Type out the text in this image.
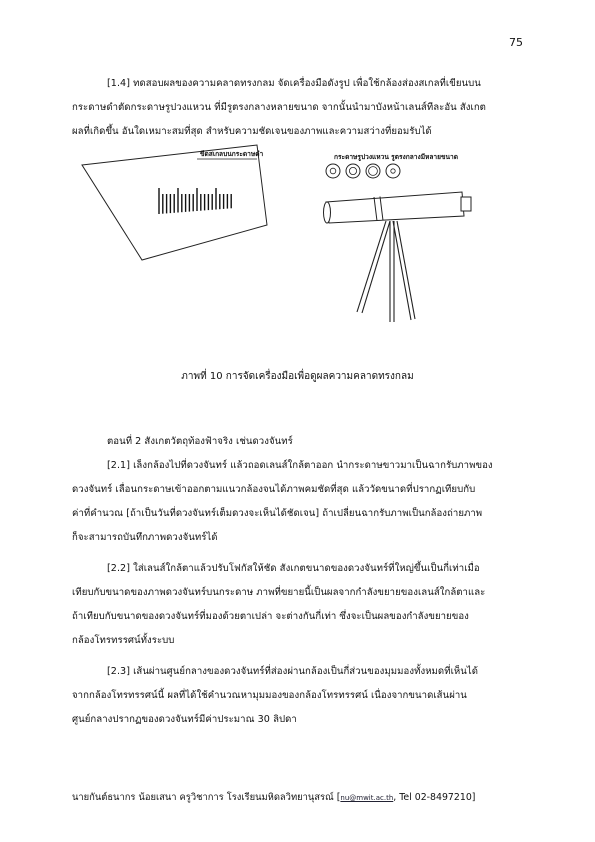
75
[1.4] ทดสอบผลของความคลาดทรงกลม จัดเครื่องมือดังรูป เพื่อใช้กล้องส่องสเกลที่เขียนบน
กระดาษดำตัดกระดาษรูปวงแหวน ที่มีรูตรงกลางหลายขนาด จากนั้นนำมาบังหน้าเลนส์ทีละอัน สังเกต
ผลที่เกิดขึ้น อันใดเหมาะสมที่สุด สำหรับความชัดเจนของภาพและความสว่างที่ยอมรับได้
ขีดสเกลบนกระดาษดำ	กระดาษรูปวงแหวน รูตรงกลางมีหลายขนาด
ภาพที่ 10 การจัดเครื่องมือเพื่อดูผลความคลาดทรงกลม
ตอนที่ 2 สังเกตวัตถุท้องฟ้าจริง เช่นดวงจันทร์
[2.1] เล็งกล้องไปที่ดวงจันทร์ แล้วถอดเลนส์ใกล้ตาออก นำกระดาษขาวมาเป็นฉากรับภาพของ
ดวงจันทร์ เลื่อนกระดาษเข้าออกตามแนวกล้องจนได้ภาพคมชัดที่สุด แล้ววัดขนาดที่ปรากฏเทียบกับ
ค่าที่คำนวณ [ถ้าเป็นวันที่ดวงจันทร์เต็มดวงจะเห็นได้ชัดเจน] ถ้าเปลี่ยนฉากรับภาพเป็นกล้องถ่ายภาพ
ก็จะสามารถบันทึกภาพดวงจันทร์ได้
[2.2] ใส่เลนส์ใกล้ตาแล้วปรับโฟกัสให้ชัด สังเกตขนาดของดวงจันทร์ที่ใหญ่ขึ้นเป็นกี่เท่าเมื่อ
เทียบกับขนาดของภาพดวงจันทร์บนกระดาษ ภาพที่ขยายนี้เป็นผลจากกำลังขยายของเลนส์ใกล้ตาและ
ถ้าเทียบกับขนาดของดวงจันทร์ที่มองด้วยตาเปล่า จะต่างกันกี่เท่า ซึ่งจะเป็นผลของกำลังขยายของ
กล้องโทรทรรศน์ทั้งระบบ
[2.3] เส้นผ่านศูนย์กลางของดวงจันทร์ที่ส่องผ่านกล้องเป็นกี่ส่วนของมุมมองทั้งหมดที่เห็นได้
จากกล้องโทรทรรศน์นี้ ผลที่ได้ใช้คำนวณหามุมมองของกล้องโทรทรรศน์ เนื่องจากขนาดเส้นผ่าน
ศูนย์กลางปรากฏของดวงจันทร์มีค่าประมาณ 30 ลิปดา
นายกันต์ธนากร น้อยเสนา ครูวิชาการ โรงเรียนมหิดลวิทยานุสรณ์ [nu@mwit.ac.th, Tel 02-8497210]
